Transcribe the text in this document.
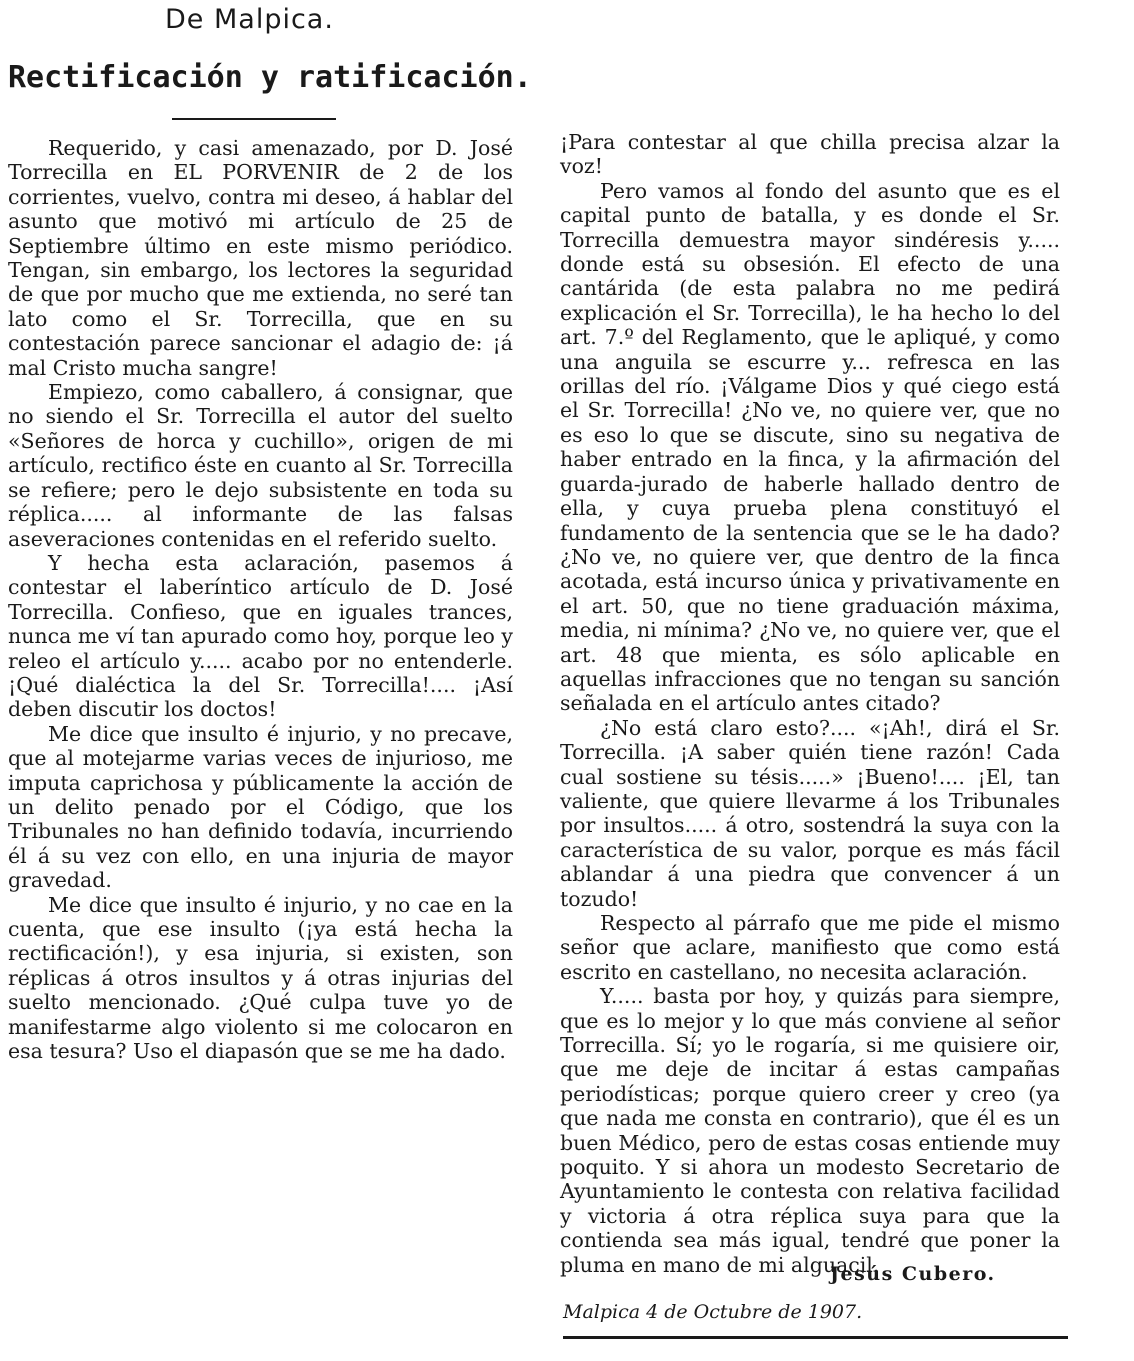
De Malpica.
Rectificación y ratificación.

Requerido, y casi amenazado, por D. José Torrecilla en EL PORVENIR de 2 de los corrientes, vuelvo, contra mi deseo, á hablar del asunto que motivó mi artículo de 25 de Septiembre último en este mismo periódico. Tengan, sin embargo, los lectores la seguridad de que por mucho que me extienda, no seré tan lato como el Sr. Torrecilla, que en su contestación parece sancionar el adagio de: ¡á mal Cristo mucha sangre!

Empiezo, como caballero, á consignar, que no siendo el Sr. Torrecilla el autor del suelto «Señores de horca y cuchillo», origen de mi artículo, rectifico éste en cuanto al Sr. Torrecilla se refiere; pero le dejo subsistente en toda su réplica..... al informante de las falsas aseveraciones contenidas en el referido suelto.

Y hecha esta aclaración, pasemos á contestar el laberíntico artículo de D. José Torrecilla. Confieso, que en iguales trances, nunca me ví tan apurado como hoy, porque leo y releo el artículo y..... acabo por no entenderle. ¡Qué dialéctica la del Sr. Torrecilla!.... ¡Así deben discutir los doctos!

Me dice que insulto é injurio, y no precave, que al motejarme varias veces de injurioso, me imputa caprichosa y públicamente la acción de un delito penado por el Código, que los Tribunales no han definido todavía, incurriendo él á su vez con ello, en una injuria de mayor gravedad.

Me dice que insulto é injurio, y no cae en la cuenta, que ese insulto (¡ya está hecha la rectificación!), y esa injuria, si existen, son réplicas á otros insultos y á otras injurias del suelto mencionado. ¿Qué culpa tuve yo de manifestarme algo violento si me colocaron en esa tesura? Uso el diapasón que se me ha dado.

¡Para contestar al que chilla precisa alzar la voz!

Pero vamos al fondo del asunto que es el capital punto de batalla, y es donde el Sr. Torrecilla demuestra mayor sindéresis y..... donde está su obsesión. El efecto de una cantárida (de esta palabra no me pedirá explicación el Sr. Torrecilla), le ha hecho lo del art. 7.º del Reglamento, que le apliqué, y como una anguila se escurre y... refresca en las orillas del río. ¡Válgame Dios y qué ciego está el Sr. Torrecilla! ¿No ve, no quiere ver, que no es eso lo que se discute, sino su negativa de haber entrado en la finca, y la afirmación del guarda-jurado de haberle hallado dentro de ella, y cuya prueba plena constituyó el fundamento de la sentencia que se le ha dado? ¿No ve, no quiere ver, que dentro de la finca acotada, está incurso única y privativamente en el art. 50, que no tiene graduación máxima, media, ni mínima? ¿No ve, no quiere ver, que el art. 48 que mienta, es sólo aplicable en aquellas infracciones que no tengan su sanción señalada en el artículo antes citado?

¿No está claro esto?.... «¡Ah!, dirá el Sr. Torrecilla. ¡A saber quién tiene razón! Cada cual sostiene su tésis.....» ¡Bueno!.... ¡El, tan valiente, que quiere llevarme á los Tribunales por insultos..... á otro, sostendrá la suya con la característica de su valor, porque es más fácil ablandar á una piedra que convencer á un tozudo!

Respecto al párrafo que me pide el mismo señor que aclare, manifiesto que como está escrito en castellano, no necesita aclaración.

Y..... basta por hoy, y quizás para siempre, que es lo mejor y lo que más conviene al señor Torrecilla. Sí; yo le rogaría, si me quisiere oir, que me deje de incitar á estas campañas periodísticas; porque quiero creer y creo (ya que nada me consta en contrario), que él es un buen Médico, pero de estas cosas entiende muy poquito. Y si ahora un modesto Secretario de Ayuntamiento le contesta con relativa facilidad y victoria á otra réplica suya para que la contienda sea más igual, tendré que poner la pluma en mano de mi alguacil.

Jesús Cubero.
Malpica 4 de Octubre de 1907.
